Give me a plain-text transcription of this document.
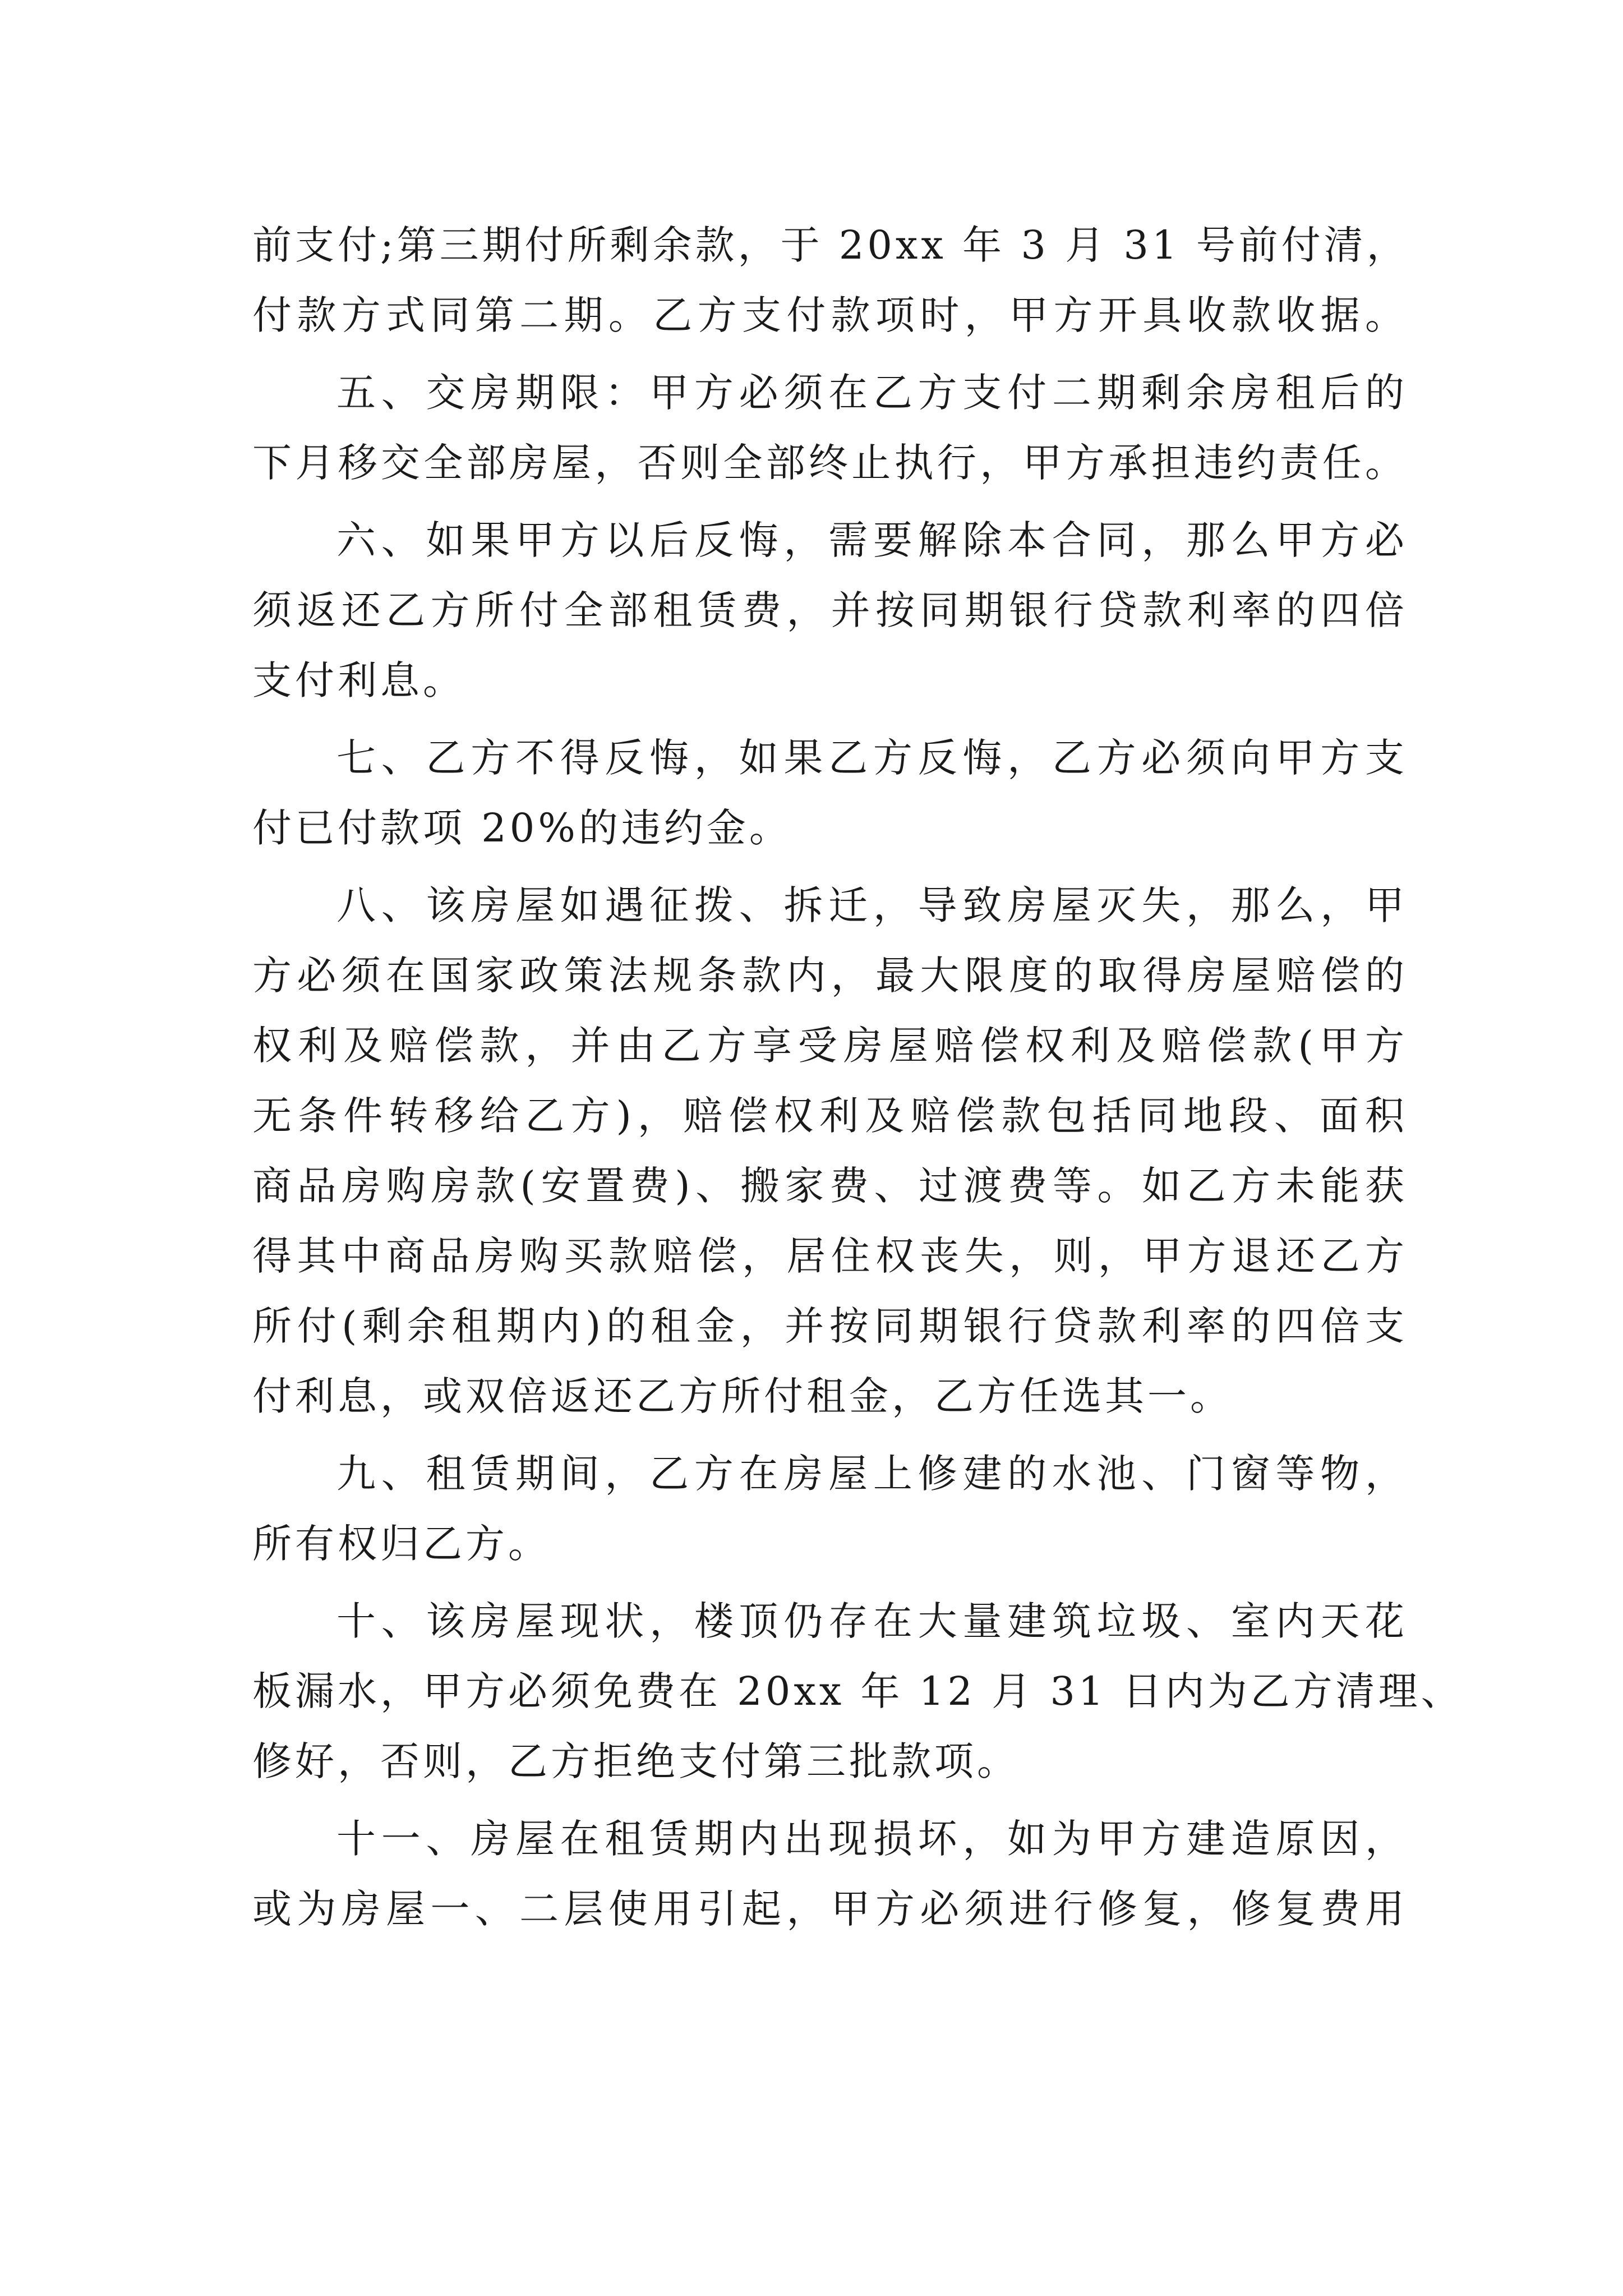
前支付;第三期付所剩余款，于 20xx 年 3 月 31 号前付清，
付款方式同第二期。乙方支付款项时，甲方开具收款收据。
五、交房期限：甲方必须在乙方支付二期剩余房租后的
下月移交全部房屋，否则全部终止执行，甲方承担违约责任。
六、如果甲方以后反悔，需要解除本合同，那么甲方必
须返还乙方所付全部租赁费，并按同期银行贷款利率的四倍
支付利息。
七、乙方不得反悔，如果乙方反悔，乙方必须向甲方支
付已付款项 20%的违约金。
八、该房屋如遇征拨、拆迁，导致房屋灭失，那么，甲
方必须在国家政策法规条款内，最大限度的取得房屋赔偿的
权利及赔偿款，并由乙方享受房屋赔偿权利及赔偿款(甲方
无条件转移给乙方)，赔偿权利及赔偿款包括同地段、面积
商品房购房款(安置费)、搬家费、过渡费等。如乙方未能获
得其中商品房购买款赔偿，居住权丧失，则，甲方退还乙方
所付(剩余租期内)的租金，并按同期银行贷款利率的四倍支
付利息，或双倍返还乙方所付租金，乙方任选其一。
九、租赁期间，乙方在房屋上修建的水池、门窗等物，
所有权归乙方。
十、该房屋现状，楼顶仍存在大量建筑垃圾、室内天花
板漏水，甲方必须免费在 20xx 年 12 月 31 日内为乙方清理、
修好，否则，乙方拒绝支付第三批款项。
十一、房屋在租赁期内出现损坏，如为甲方建造原因，
或为房屋一、二层使用引起，甲方必须进行修复，修复费用
